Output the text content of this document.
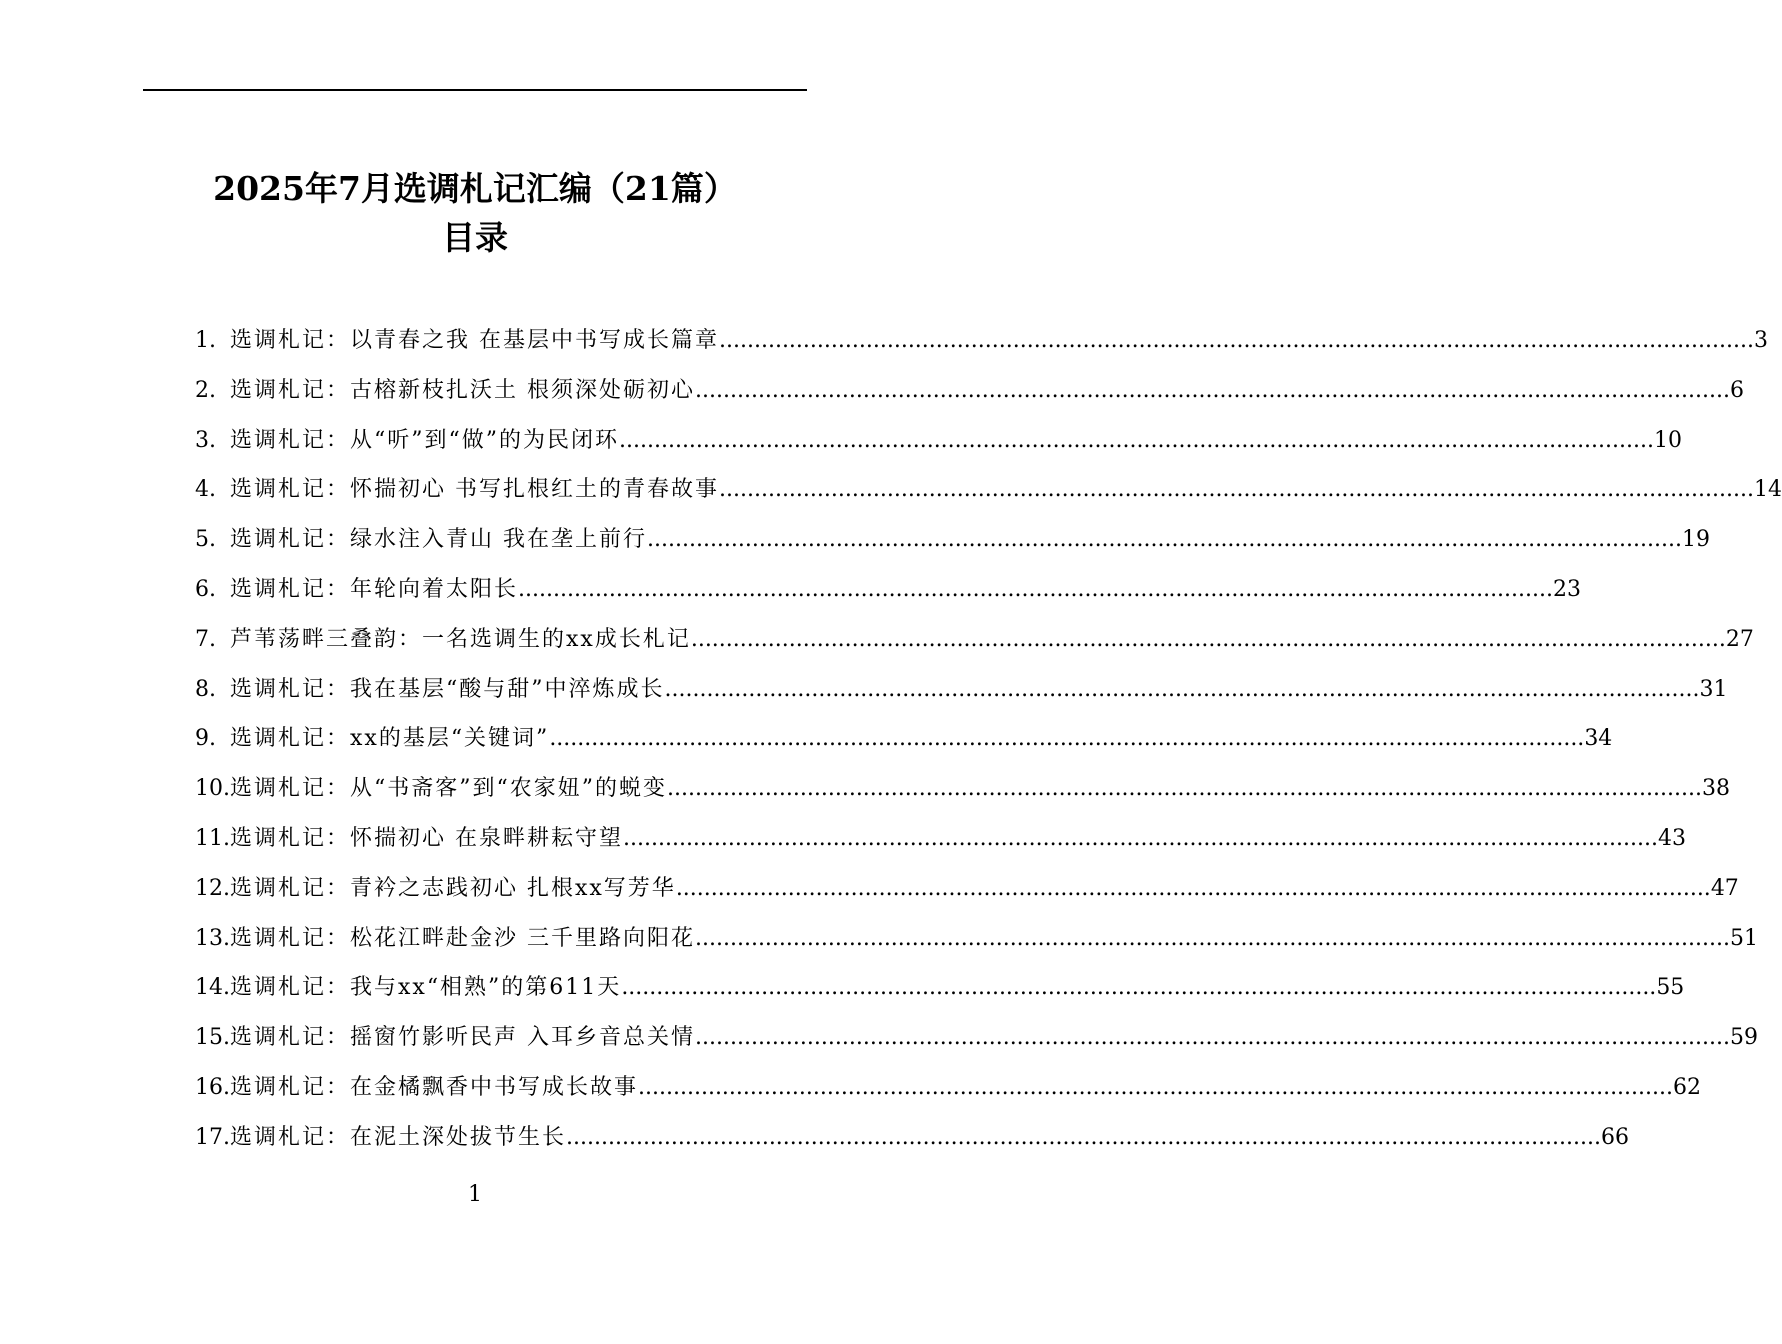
2025年7月选调札记汇编（21篇）
目录
1. 选调札记：以青春之我 在基层中书写成长篇章 .....	3
2. 选调札记：古榕新枝扎沃土 根须深处砺初心 .....	6
3. 选调札记：从“听”到“做”的为民闭环 .....	10
4. 选调札记：怀揣初心 书写扎根红土的青春故事 .....	14
5. 选调札记：绿水注入青山 我在垄上前行 .....	19
6. 选调札记：年轮向着太阳长 .....	23
7. 芦苇荡畔三叠韵：一名选调生的xx成长札记 .....	27
8. 选调札记：我在基层“酸与甜”中淬炼成长 .....	31
9. 选调札记：xx的基层“关键词” .....	34
10. 选调札记：从“书斋客”到“农家妞”的蜕变 .....	38
11. 选调札记：怀揣初心 在泉畔耕耘守望 .....	43
12. 选调札记：青衿之志践初心 扎根xx写芳华 .....	47
13. 选调札记：松花江畔赴金沙 三千里路向阳花 .....	51
14. 选调札记：我与xx“相熟”的第611天 .....	55
15. 选调札记：摇窗竹影听民声 入耳乡音总关情 .....	59
16. 选调札记：在金橘飘香中书写成长故事 .....	62
17. 选调札记：在泥土深处拔节生长 .....	66
1
